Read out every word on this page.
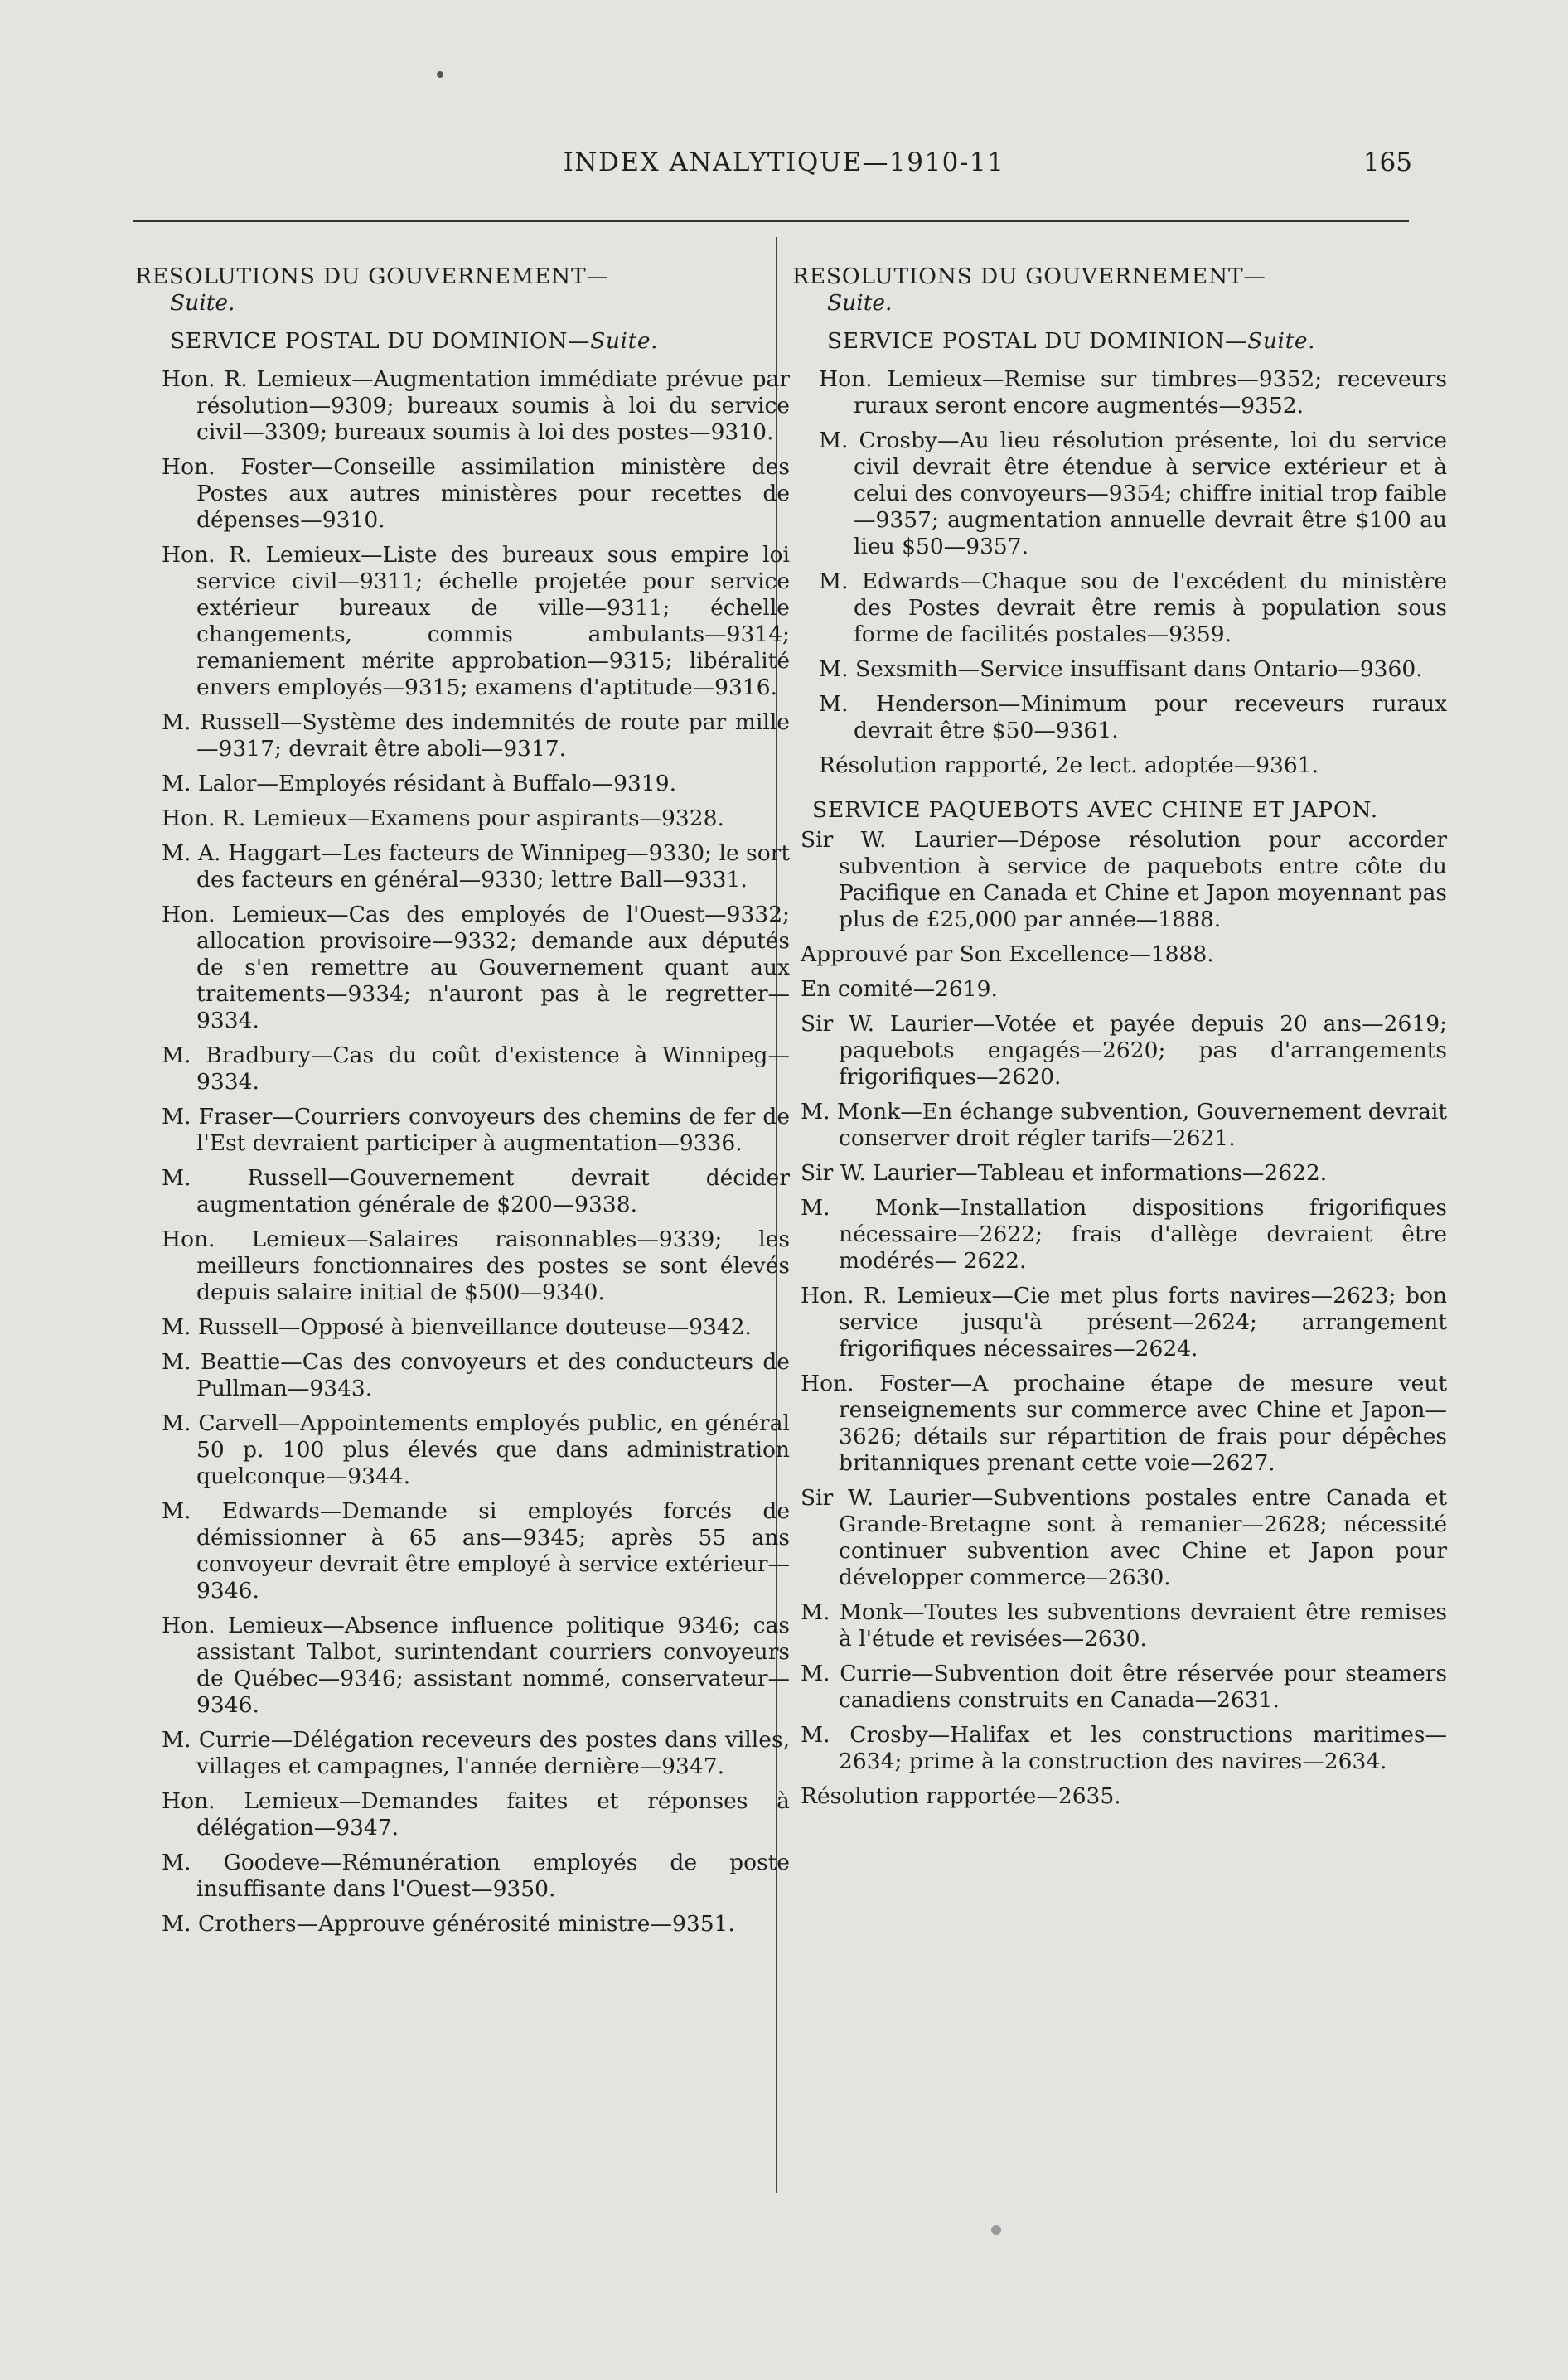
INDEX ANALYTIQUE—1910-11	165

RESOLUTIONS DU GOUVERNEMENT—

Suite.

SERVICE POSTAL DU DOMINION—Suite.

Hon. R. Lemieux—Augmentation immédiate prévue par résolution—9309; bureaux soumis à loi du service civil—3309; bureaux soumis à loi des postes—9310.

Hon. Foster—Conseille assimilation ministère des Postes aux autres ministères pour recettes de dépenses—9310.

Hon. R. Lemieux—Liste des bureaux sous empire loi service civil—9311; échelle projetée pour service extérieur bureaux de ville—9311; échelle changements, commis ambulants—9314; remaniement mérite approbation—9315; libéralité envers employés—9315; examens d'aptitude—9316.

M. Russell—Système des indemnités de route par mille—9317; devrait être aboli—9317.

M. Lalor—Employés résidant à Buffalo—9319.

Hon. R. Lemieux—Examens pour aspirants—9328.

M. A. Haggart—Les facteurs de Winnipeg—9330; le sort des facteurs en général—9330; lettre Ball—9331.

Hon. Lemieux—Cas des employés de l'Ouest—9332; allocation provisoire—9332; demande aux députés de s'en remettre au Gouvernement quant aux traitements—9334; n'auront pas à le regretter—9334.

M. Bradbury—Cas du coût d'existence à Winnipeg—9334.

M. Fraser—Courriers convoyeurs des chemins de fer de l'Est devraient participer à augmentation—9336.

M. Russell—Gouvernement devrait décider augmentation générale de $200—9338.

Hon. Lemieux—Salaires raisonnables—9339; les meilleurs fonctionnaires des postes se sont élevés depuis salaire initial de $500—9340.

M. Russell—Opposé à bienveillance douteuse—9342.

M. Beattie—Cas des convoyeurs et des conducteurs de Pullman—9343.

M. Carvell—Appointements employés public, en général 50 p. 100 plus élevés que dans administration quelconque—9344.

M. Edwards—Demande si employés forcés de démissionner à 65 ans—9345; après 55 ans convoyeur devrait être employé à service extérieur—9346.

Hon. Lemieux—Absence influence politique 9346; cas assistant Talbot, surintendant courriers convoyeurs de Québec—9346; assistant nommé, conservateur—9346.

M. Currie—Délégation receveurs des postes dans villes, villages et campagnes, l'année dernière—9347.

Hon. Lemieux—Demandes faites et réponses à délégation—9347.

M. Goodeve—Rémunération employés de poste insuffisante dans l'Ouest—9350.

M. Crothers—Approuve générosité ministre—9351.

RESOLUTIONS DU GOUVERNEMENT—

Suite.

SERVICE POSTAL DU DOMINION—Suite.

Hon. Lemieux—Remise sur timbres—9352; receveurs ruraux seront encore augmentés—9352.

M. Crosby—Au lieu résolution présente, loi du service civil devrait être étendue à service extérieur et à celui des convoyeurs—9354; chiffre initial trop faible—9357; augmentation annuelle devrait être $100 au lieu $50—9357.

M. Edwards—Chaque sou de l'excédent du ministère des Postes devrait être remis à population sous forme de facilités postales—9359.

M. Sexsmith—Service insuffisant dans Ontario—9360.

M. Henderson—Minimum pour receveurs ruraux devrait être $50—9361.

Résolution rapporté, 2e lect. adoptée—9361.

SERVICE PAQUEBOTS AVEC CHINE ET JAPON.

Sir W. Laurier—Dépose résolution pour accorder subvention à service de paquebots entre côte du Pacifique en Canada et Chine et Japon moyennant pas plus de £25,000 par année—1888.

Approuvé par Son Excellence—1888.

En comité—2619.

Sir W. Laurier—Votée et payée depuis 20 ans—2619; paquebots engagés—2620; pas d'arrangements frigorifiques—2620.

M. Monk—En échange subvention, Gouvernement devrait conserver droit régler tarifs—2621.

Sir W. Laurier—Tableau et informations—2622.

M. Monk—Installation dispositions frigorifiques nécessaire—2622; frais d'allège devraient être modérés— 2622.

Hon. R. Lemieux—Cie met plus forts navires—2623; bon service jusqu'à présent—2624; arrangement frigorifiques nécessaires—2624.

Hon. Foster—A prochaine étape de mesure veut renseignements sur commerce avec Chine et Japon—3626; détails sur répartition de frais pour dépêches britanniques prenant cette voie—2627.

Sir W. Laurier—Subventions postales entre Canada et Grande-Bretagne sont à remanier—2628; nécessité continuer subvention avec Chine et Japon pour développer commerce—2630.

M. Monk—Toutes les subventions devraient être remises à l'étude et revisées—2630.

M. Currie—Subvention doit être réservée pour steamers canadiens construits en Canada—2631.

M. Crosby—Halifax et les constructions maritimes—2634; prime à la construction des navires—2634.

Résolution rapportée—2635.
